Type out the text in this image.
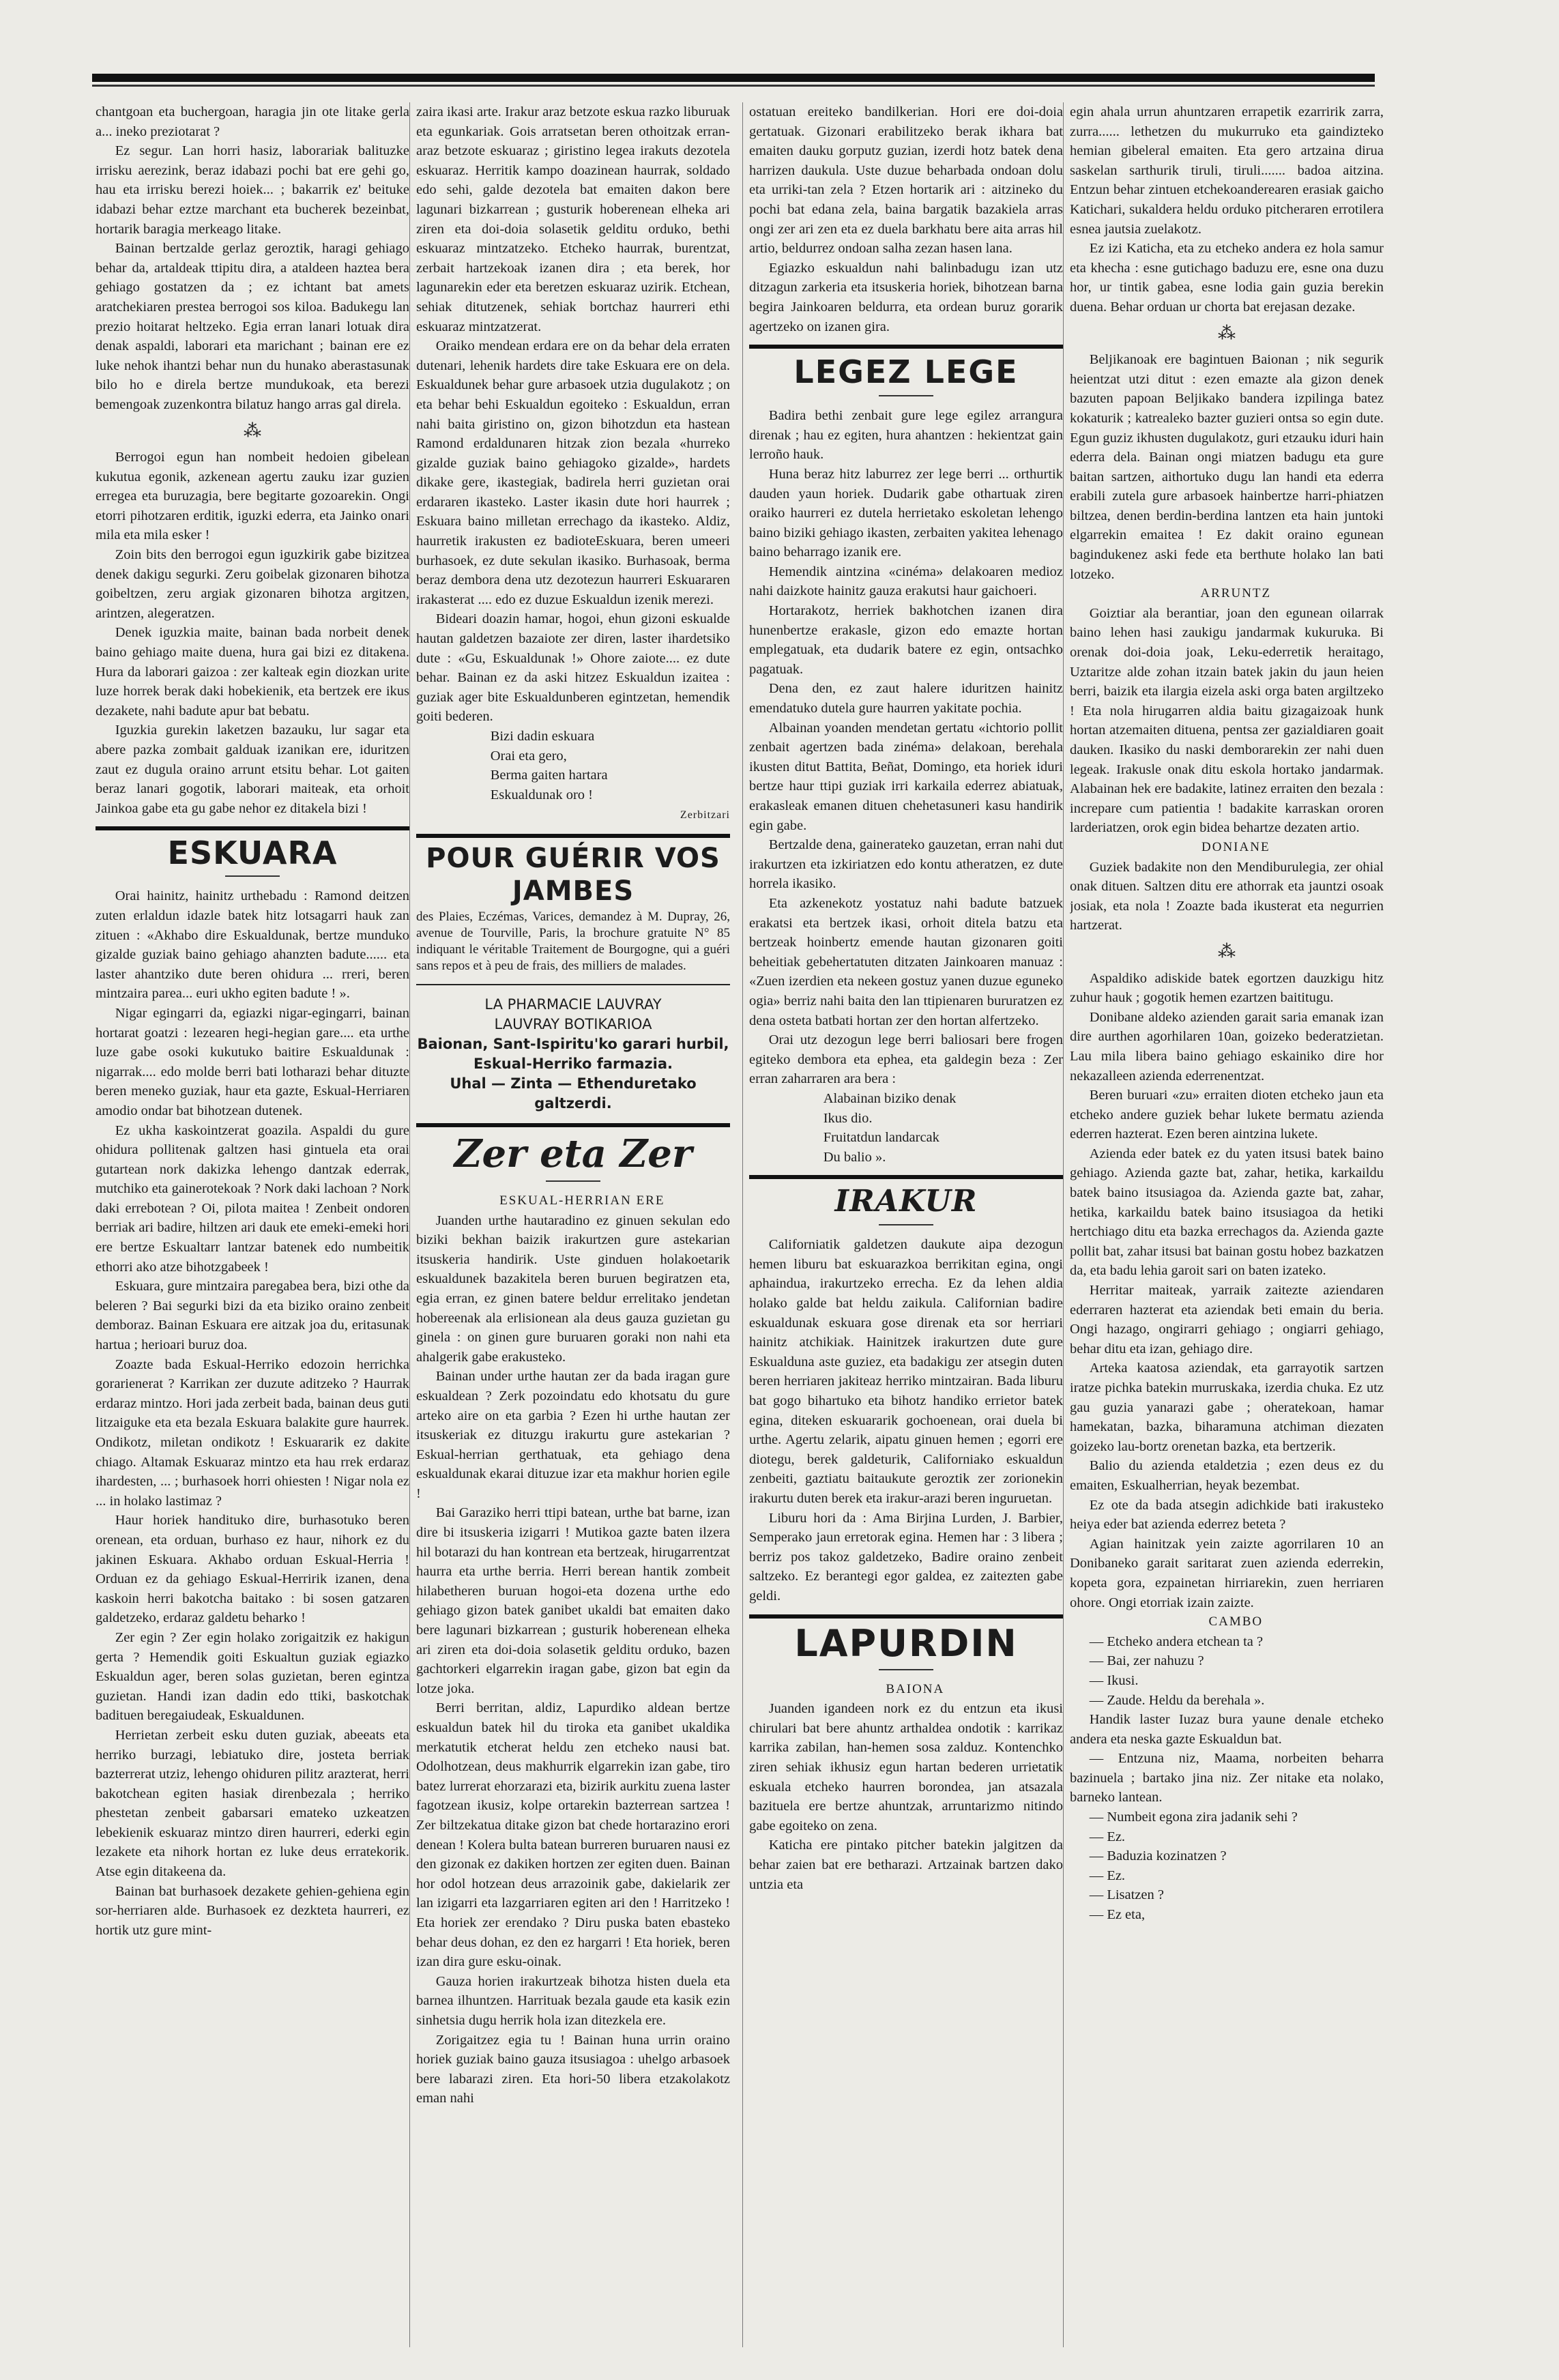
chantgoan eta buchergoan, haragia jin ote litake gerla a... ineko preziotarat ?

Ez segur. Lan horri hasiz, laborariak balituzke irrisku aerezink, beraz idabazi pochi bat ere gehi go, hau eta irrisku berezi hoiek... ; bakarrik ez' beituke idabazi behar eztze marchant eta bucherek bezeinbat, hortarik baragia merkeago litake.

Bainan bertzalde gerlaz geroztik, haragi gehiago behar da, artaldeak ttipitu dira, a ataldeen haztea bera gehiago gostatzen da ; ez ichtant bat amets aratchekiaren prestea berrogoi sos kiloa. Badukegu lan prezio hoitarat heltzeko. Egia erran lanari lotuak dira denak aspaldi, laborari eta marichant ; bainan ere ez luke nehok ihantzi behar nun du hunako aberastasunak bilo ho e direla bertze mundukoak, eta berezi bemengoak zuzenkontra bilatuz hango arras gal direla.

⁂

Berrogoi egun han nombeit hedoien gibelean kukutua egonik, azkenean agertu zauku izar guzien erregea eta buruzagia, bere begitarte gozoarekin. Ongi etorri pihotzaren erditik, iguzki ederra, eta Jainko onari mila eta mila esker !

Zoin bits den berrogoi egun iguzkirik gabe bizitzea denek dakigu segurki. Zeru goibelak gizonaren bihotza goibeltzen, zeru argiak gizonaren bihotza argitzen, arintzen, alegeratzen.

Denek iguzkia maite, bainan bada norbeit denek baino gehiago maite duena, hura gai bizi ez ditakena. Hura da laborari gaizoa : zer kalteak egin diozkan urite luze horrek berak daki hobekienik, eta bertzek ere ikus dezakete, nahi badute apur bat bebatu.

Iguzkia gurekin laketzen bazauku, lur sagar eta abere pazka zombait galduak izanikan ere, iduritzen zaut ez dugula oraino arrunt etsitu behar. Lot gaiten beraz lanari gogotik, laborari maiteak, eta orhoit Jainkoa gabe eta gu gabe nehor ez ditakela bizi !

ESKUARA

Orai hainitz, hainitz urthebadu : Ramond deitzen zuten erlaldun idazle batek hitz lotsagarri hauk zan zituen : «Akhabo dire Eskualdunak, bertze munduko gizalde guziak baino gehiago ahanzten badute...... eta laster ahantziko dute beren ohidura ... rreri, beren mintzaira parea... euri ukho egiten badute ! ».

Nigar egingarri da, egiazki nigar-egingarri, bainan hortarat goatzi : lezearen hegi-hegian gare.... eta urthe luze gabe osoki kukutuko baitire Eskualdunak : nigarrak.... edo molde berri bati lotharazi behar dituzte beren meneko guziak, haur eta gazte, Eskual-Herriaren amodio ondar bat bihotzean dutenek.

Ez ukha kaskointzerat goazila. Aspaldi du gure ohidura pollitenak galtzen hasi gintuela eta orai gutartean nork dakizka lehengo dantzak ederrak, mutchiko eta gainerotekoak ? Nork daki lachoan ? Nork daki errebotean ? Oi, pilota maitea ! Zenbeit ondoren berriak ari badire, hiltzen ari dauk ete emeki-emeki hori ere bertze Eskualtarr lantzar batenek edo numbeitik ethorri ako atze bihotzgabeek !

Eskuara, gure mintzaira paregabea bera, bizi othe da beleren ? Bai segurki bizi da eta biziko oraino zenbeit demboraz. Bainan Eskuara ere aitzak joa du, eritasunak hartua ; herioari buruz doa.

Zoazte bada Eskual-Herriko edozoin herrichka gorarienerat ? Karrikan zer duzute aditzeko ? Haurrak erdaraz mintzo. Hori jada zerbeit bada, bainan deus guti litzaiguke eta eta bezala Eskuara balakite gure haurrek. Ondikotz, miletan ondikotz ! Eskuararik ez dakite chiago. Altamak Eskuaraz mintzo eta hau rrek erdaraz ihardesten, ... ; burhasoek horri ohiesten ! Nigar nola ez ... in holako lastimaz ?

Haur horiek handituko dire, burhasotuko beren orenean, eta orduan, burhaso ez haur, nihork ez du jakinen Eskuara. Akhabo orduan Eskual-Herria ! Orduan ez da gehiago Eskual-Herririk izanen, dena kaskoin herri bakotcha baitako : bi sosen gatzaren galdetzeko, erdaraz galdetu beharko !

Zer egin ? Zer egin holako zorigaitzik ez hakigun gerta ? Hemendik goiti Eskualtun guziak egiazko Eskualdun ager, beren solas guzietan, beren egintza guzietan. Handi izan dadin edo ttiki, baskotchak badituen beregaiudeak, Eskualdunen.

Herrietan zerbeit esku duten guziak, abeeats eta herriko burzagi, lebiatuko dire, josteta berriak bazterrerat utziz, lehengo ohiduren pilitz arazterat, herri bakotchean egiten hasiak direnbezala ; herriko phestetan zenbeit gabarsari emateko uzkeatzen lebekienik eskuaraz mintzo diren haurreri, ederki egin lezakete eta nihork hortan ez luke deus erratekorik. Atse egin ditakeena da.

Bainan bat burhasoek dezakete gehien-gehiena egin sor-herriaren alde. Burhasoek ez dezkteta haurreri, ez hortik utz gure mint-

zaira ikasi arte. Irakur araz betzote eskua razko liburuak eta egunkariak. Gois arratsetan beren othoitzak erran-araz betzote eskuaraz ; giristino legea irakuts dezotela eskuaraz. Herritik kampo doazinean haurrak, soldado edo sehi, galde dezotela bat emaiten dakon bere lagunari bizkarrean ; gusturik hoberenean elheka ari ziren eta doi-doia solasetik gelditu orduko, bethi eskuaraz mintzatzeko. Etcheko haurrak, burentzat, zerbait hartzekoak izanen dira ; eta berek, hor lagunarekin eder eta beretzen eskuaraz uzirik. Etchean, sehiak ditutzenek, sehiak bortchaz haurreri ethi eskuaraz mintzatzerat.

Oraiko mendean erdara ere on da behar dela erraten dutenari, lehenik hardets dire take Eskuara ere on dela. Eskualdunek behar gure arbasoek utzia dugulakotz ; on eta behar behi Eskualdun egoiteko : Eskualdun, erran nahi baita giristino on, gizon bihotzdun eta hastean Ramond erdaldunaren hitzak zion bezala «hurreko gizalde guziak baino gehiagoko gizalde», hardets dikake gere, ikastegiak, badirela herri guzietan orai erdararen ikasteko. Laster ikasin dute hori haurrek ; Eskuara baino milletan errechago da ikasteko. Aldiz, haurretik irakusten ez badioteEskuara, beren umeeri burhasoek, ez dute sekulan ikasiko. Burhasoak, berma beraz dembora dena utz dezotezun haurreri Eskuararen irakasterat .... edo ez duzue Eskualdun izenik merezi.

Bideari doazin hamar, hogoi, ehun gizoni eskualde hautan galdetzen bazaiote zer diren, laster ihardetsiko dute : «Gu, Eskualdunak !» Ohore zaiote.... ez dute behar. Bainan ez da aski hitzez Eskualdun izaitea : guziak ager bite Eskualdunberen egintzetan, hemendik goiti bederen.

Bizi dadin eskuara

Orai eta gero,

Berma gaiten hartara

Eskualdunak oro !

Zerbitzari
POUR GUÉRIR VOS JAMBES
des Plaies, Eczémas, Varices, demandez à M. Dupray, 26, avenue de Tourville, Paris, la brochure gratuite N° 85 indiquant le véritable Traitement de Bourgogne, qui a guéri sans repos et à peu de frais, des milliers de malades.
LA PHARMACIE LAUVRAY
LAUVRAY BOTIKARIOA
Baionan, Sant-Ispiritu'ko garari hurbil, Eskual-Herriko farmazia.
Uhal — Zinta — Ethenduretako
galtzerdi.
Zer eta Zer

ESKUAL-HERRIAN ERE

Juanden urthe hautaradino ez ginuen sekulan edo biziki bekhan baizik irakurtzen gure astekarian itsuskeria handirik. Uste ginduen holakoetarik eskualdunek bazakitela beren buruen begiratzen eta, egia erran, ez ginen batere beldur errelitako jendetan hobereenak ala erlisionean ala deus gauza guzietan gu ginela : on ginen gure buruaren goraki non nahi eta ahalgerik gabe erakusteko.

Bainan under urthe hautan zer da bada iragan gure eskualdean ? Zerk pozoindatu edo khotsatu du gure arteko aire on eta garbia ? Ezen hi urthe hautan zer itsuskeriak ez dituzgu irakurtu gure astekarian ? Eskual-herrian gerthatuak, eta gehiago dena eskualdunak ekarai dituzue izar eta makhur horien egile !

Bai Garaziko herri ttipi batean, urthe bat barne, izan dire bi itsuskeria izigarri ! Mutikoa gazte baten ilzera hil botarazi du han kontrean eta bertzeak, hirugarrentzat haurra eta urthe berria. Herri berean hantik zombeit hilabetheren buruan hogoi-eta dozena urthe edo gehiago gizon batek ganibet ukaldi bat emaiten dako bere lagunari bizkarrean ; gusturik hoberenean elheka ari ziren eta doi-doia solasetik gelditu orduko, bazen gachtorkeri elgarrekin iragan gabe, gizon bat egin da lotze joka.

Berri berritan, aldiz, Lapurdiko aldean bertze eskualdun batek hil du tiroka eta ganibet ukaldika merkatutik etcherat heldu zen etcheko nausi bat. Odolhotzean, deus makhurrik elgarrekin izan gabe, tiro batez lurrerat ehorzarazi eta, bizirik aurkitu zuena laster fagotzean ikusiz, kolpe ortarekin bazterrean sartzea ! Zer biltzekatua ditake gizon bat chede hortarazino erori denean ! Kolera bulta batean burreren buruaren nausi ez den gizonak ez dakiken hortzen zer egiten duen. Bainan hor odol hotzean deus arrazoinik gabe, dakielarik zer lan izigarri eta lazgarriaren egiten ari den ! Harritzeko ! Eta horiek zer erendako ? Diru puska baten ebasteko behar deus dohan, ez den ez hargarri ! Eta horiek, beren izan dira gure esku-oinak.

Gauza horien irakurtzeak bihotza histen duela eta barnea ilhuntzen. Harrituak bezala gaude eta kasik ezin sinhetsia dugu herrik hola izan ditezkela ere.

Zorigaitzez egia tu ! Bainan huna urrin oraino horiek guziak baino gauza itsusiagoa : uhelgo arbasoek bere labarazi ziren. Eta hori-50 libera etzakolakotz eman nahi

ostatuan ereiteko bandilkerian. Hori ere doi-doia gertatuak. Gizonari erabilitzeko berak ikhara bat emaiten dauku gorputz guzian, izerdi hotz batek dena harrizen daukula. Uste duzue beharbada ondoan dolu eta urriki-tan zela ? Etzen hortarik ari : aitzineko du pochi bat edana zela, baina bargatik bazakiela arras ongi zer ari zen eta ez duela barkhatu bere aita arras hil artio, beldurrez ondoan salha zezan hasen lana.

Egiazko eskualdun nahi balinbadugu izan utz ditzagun zarkeria eta itsuskeria horiek, bihotzean barna begira Jainkoaren beldurra, eta ordean buruz gorarik agertzeko on izanen gira.

LEGEZ LEGE

Badira bethi zenbait gure lege egilez arrangura direnak ; hau ez egiten, hura ahantzen : hekientzat gain lerroño hauk.

Huna beraz hitz laburrez zer lege berri ... orthurtik dauden yaun horiek. Dudarik gabe othartuak ziren oraiko haurreri ez dutela herrietako eskoletan lehengo baino biziki gehiago ikasten, zerbaiten yakitea lehenago baino beharrago izanik ere.

Hemendik aintzina «cinéma» delakoaren medioz nahi daizkote hainitz gauza erakutsi haur gaichoeri.

Hortarakotz, herriek bakhotchen izanen dira hunenbertze erakasle, gizon edo emazte hortan emplegatuak, eta dudarik batere ez egin, ontsachko pagatuak.

Dena den, ez zaut halere iduritzen hainitz emendatuko dutela gure haurren yakitate pochia.

Albainan yoanden mendetan gertatu «ichtorio pollit zenbait agertzen bada zinéma» delakoan, berehala ikusten ditut Battita, Beñat, Domingo, eta horiek iduri bertze haur ttipi guziak irri karkaila ederrez abiatuak, erakasleak emanen dituen chehetasuneri kasu handirik egin gabe.

Bertzalde dena, gainerateko gauzetan, erran nahi dut irakurtzen eta izkiriatzen edo kontu atheratzen, ez dute horrela ikasiko.

Eta azkenekotz yostatuz nahi badute batzuek erakatsi eta bertzek ikasi, orhoit ditela batzu eta bertzeak hoinbertz emende hautan gizonaren goiti beheitiak gebehertatuten ditzaten Jainkoaren manuaz : «Zuen izerdien eta nekeen gostuz yanen duzue eguneko ogia» berriz nahi baita den lan ttipienaren bururatzen ez dena osteta batbati hortan zer den hortan alfertzeko.

Orai utz dezogun lege berri baliosari bere frogen egiteko dembora eta ephea, eta galdegin beza : Zer erran zaharraren ara bera :

Alabainan biziko denak

Ikus dio.

Fruitatdun landarcak

Du balio ».

IRAKUR

Californiatik galdetzen daukute aipa dezogun hemen liburu bat eskuarazkoa berrikitan egina, ongi aphaindua, irakurtzeko errecha. Ez da lehen aldia holako galde bat heldu zaikula. Californian badire eskualdunak eskuara gose direnak eta sor herriari hainitz atchikiak. Hainitzek irakurtzen dute gure Eskualduna aste guziez, eta badakigu zer atsegin duten beren herriaren jakiteaz herriko mintzairan. Bada liburu bat gogo bihartuko eta bihotz handiko errietor batek egina, diteken eskuararik gochoenean, orai duela bi urthe. Agertu zelarik, aipatu ginuen hemen ; egorri ere diotegu, berek galdeturik, Californiako eskualdun zenbeiti, gaztiatu baitaukute geroztik zer zorionekin irakurtu duten berek eta irakur-arazi beren inguruetan.

Liburu hori da : Ama Birjina Lurden, J. Barbier, Semperako jaun erretorak egina. Hemen har : 3 libera ; berriz pos takoz galdetzeko, Badire oraino zenbeit saltzeko. Ez berantegi egor galdea, ez zaitezten gabe geldi.

LAPURDIN

BAIONA

Juanden igandeen nork ez du entzun eta ikusi chirulari bat bere ahuntz arthaldea ondotik : karrikaz karrika zabilan, han-hemen sosa zalduz. Kontenchko ziren sehiak ikhusiz egun hartan bederen urrietatik eskuala etcheko haurren borondea, jan atsazala bazituela ere bertze ahuntzak, arruntarizmo nitindo gabe egoiteko on zena.

Katicha ere pintako pitcher batekin jalgitzen da behar zaien bat ere betharazi. Artzainak bartzen dako untzia eta

egin ahala urrun ahuntzaren errapetik ezarririk zarra, zurra...... lethetzen du mukurruko eta gaindizteko hemian gibeleral emaiten. Eta gero artzaina dirua saskelan sarthurik tiruli, tiruli....... badoa aitzina. Entzun behar zintuen etchekoanderearen erasiak gaicho Katichari, sukaldera heldu orduko pitcheraren errotilera esnea jautsia zuelakotz.

Ez izi Katicha, eta zu etcheko andera ez hola samur eta khecha : esne gutichago baduzu ere, esne ona duzu hor, ur tintik gabea, esne lodia gain guzia berekin duena. Behar orduan ur chorta bat erejasan dezake.

⁂

Beljikanoak ere bagintuen Baionan ; nik segurik heientzat utzi ditut : ezen emazte ala gizon denek bazuten papoan Beljikako bandera izpilinga batez kokaturik ; katrealeko bazter guzieri ontsa so egin dute. Egun guziz ikhusten dugulakotz, guri etzauku iduri hain ederra dela. Bainan ongi miatzen badugu eta gure baitan sartzen, aithortuko dugu lan handi eta ederra erabili zutela gure arbasoek hainbertze harri-phiatzen biltzea, denen berdin-berdina lantzen eta hain juntoki elgarrekin emaitea ! Ez dakit oraino egunean bagindukenez aski fede eta berthute holako lan bati lotzeko.

ARRUNTZ

Goiztiar ala berantiar, joan den egunean oilarrak baino lehen hasi zaukigu jandarmak kukuruka. Bi orenak doi-doia joak, Leku-ederretik heraitago, Uztaritze alde zohan itzain batek jakin du jaun heien berri, baizik eta ilargia eizela aski orga baten argiltzeko ! Eta nola hirugarren aldia baitu gizagaizoak hunk hortan atzemaiten dituena, pentsa zer gazialdiaren goait dauken. Ikasiko du naski demborarekin zer nahi duen legeak. Irakusle onak ditu eskola hortako jandarmak. Alabainan hek ere badakite, latinez erraiten den bezala : increpare cum patientia ! badakite karraskan ororen larderiatzen, orok egin bidea behartze dezaten artio.

DONIANE

Guziek badakite non den Mendiburulegia, zer ohial onak dituen. Saltzen ditu ere athorrak eta jauntzi osoak josiak, eta nola ! Zoazte bada ikusterat eta negurrien hartzerat.

⁂

Aspaldiko adiskide batek egortzen dauzkigu hitz zuhur hauk ; gogotik hemen ezartzen baititugu.

Donibane aldeko azienden garait saria emanak izan dire aurthen agorhilaren 10an, goizeko bederatzietan. Lau mila libera baino gehiago eskainiko dire hor nekazalleen azienda ederrenentzat.

Beren buruari «zu» erraiten dioten etcheko jaun eta etcheko andere guziek behar lukete bermatu azienda ederren hazterat. Ezen beren aintzina lukete.

Azienda eder batek ez du yaten itsusi batek baino gehiago. Azienda gazte bat, zahar, hetika, karkaildu batek baino itsusiagoa da. Azienda gazte bat, zahar, hetika, karkaildu batek baino itsusiagoa da hetiki hertchiago ditu eta bazka errechagos da. Azienda gazte pollit bat, zahar itsusi bat bainan gostu hobez bazkatzen da, eta badu lehia garoit sari on baten izateko.

Herritar maiteak, yarraik zaitezte aziendaren ederraren hazterat eta aziendak beti emain du beria. Ongi hazago, ongirarri gehiago ; ongiarri gehiago, behar ditu eta izan, gehiago dire.

Arteka kaatosa aziendak, eta garrayotik sartzen iratze pichka batekin murruskaka, izerdia chuka. Ez utz gau guzia yanarazi gabe ; oheratekoan, hamar hamekatan, bazka, biharamuna atchiman diezaten goizeko lau-bortz orenetan bazka, eta bertzerik.

Balio du azienda etaldetzia ; ezen deus ez du emaiten, Eskualherrian, heyak bezembat.

Ez ote da bada atsegin adichkide bati irakusteko heiya eder bat azienda ederrez beteta ?

Agian hainitzak yein zaizte agorrilaren 10 an Donibaneko garait saritarat zuen azienda ederrekin, kopeta gora, ezpainetan hirriarekin, zuen herriaren ohore. Ongi etorriak izain zaizte.

CAMBO

— Etcheko andera etchean ta ?

— Bai, zer nahuzu ?

— Ikusi.

— Zaude. Heldu da berehala ».

Handik laster Iuzaz bura yaune denale etcheko andera eta neska gazte Eskualdun bat.

— Entzuna niz, Maama, norbeiten beharra bazinuela ; bartako jina niz. Zer nitake eta nolako, barneko lantean.

— Numbeit egona zira jadanik sehi ?

— Ez.

— Baduzia kozinatzen ?

— Ez.

— Lisatzen ?

— Ez eta,
